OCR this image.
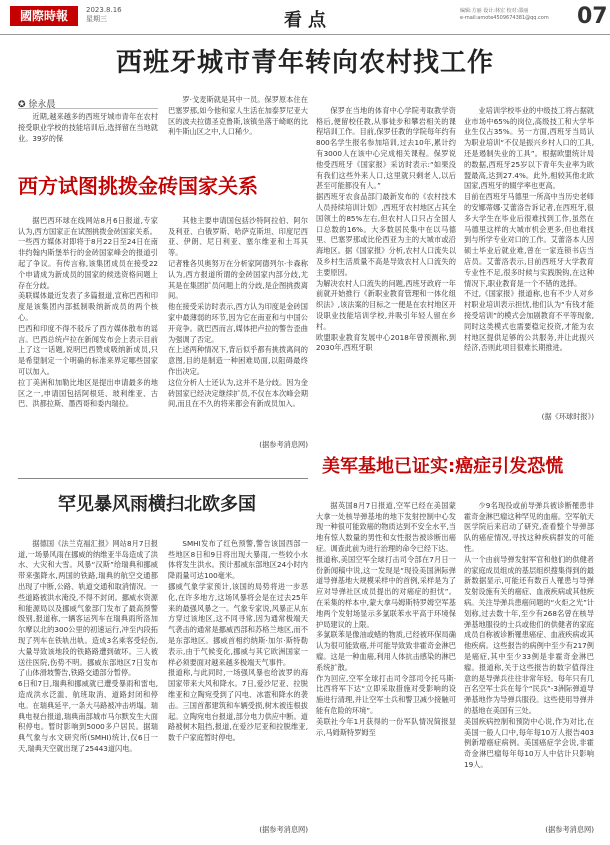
國際時報	2023.8.16
星期三	看点	编辑:方丽 设计:林宏 校对:邵丽
e-mail:amote4509674381@qq.com	07
西班牙城市青年转向农村找工作
✪ 徐永晨

近期,越来越多的西班牙城市青年在农村接受职业学校的技能培训后,选择留在当地就业。39岁的保

罗·戈麦斯就是其中一员。保罗原本住在巴塞罗那,如今他和家人生活在加泰罗尼亚大区的波夫拉德圣克鲁斯,该镇坐落于崎岖的比利牛斯山区之中,人口稀少。

保罗在当地的体育中心学院考取教学资格后,便留校任教,从事徒步和攀岩相关的课程培训工作。目前,保罗任教的学院每年约有800名学生报名参加培训,过去10年,累计约有3000人在该中心完成相关课程。保罗说他受西班牙《国家报》采访时表示:“如果没有我们这些外来人口,这里就只剩老人,以后甚至可能都没有人。”
据西班牙农食品部门最新发布的《农村技术人员持续培训计划》,西班牙农村地区占其全国领土的85%左右,但农村人口只占全国人口总数的16%。大多数居民集中在以马德里、巴塞罗那或比伦西亚为主的大城市或沿海地区。据《国家报》分析,农村人口流失以及乡村生活质量不高是导致农村人口流失的主要原因。
为解决农村人口流失的问题,西班牙政府一年前就开始推行《新职业教育管理和一体化组织法》,该法案的目标之一便是在农村地区开设职业技能培训学校,并吸引年轻人留在乡村。
欧盟职业教育发展中心2018年曾预测称,到2030年,西班牙职

业培训学校毕业的中级技工将占据就业市场中65%的岗位,高级技工和大学毕业生仅占35%。另一方面,西班牙当局认为职业培训“不仅是振兴乡村人口的工具,还是遏制失业的工具”。根据欧盟统计局的数据,西班牙25岁以下青年失业率为欧盟最高,达到27.4%。此外,相较其他北欧国家,西班牙的辍学率也更高。
目前在西班牙马德里一所高中当历史老师的安娜蒂娜·艾蕾洛告诉记者,在西班牙,很多大学生在毕业后很难找到工作,虽然在马德里这样的大城市机会更多,但也难找到与所学专业对口的工作。艾蕾洛本人因硕士毕业后就业难,曾在一家连锁书店当店员。艾蕾洛表示,目前西班牙大学教育专业性不足,很多时候与实践脱钩,在这种情况下,职业教育是一个不错的选择。
不过,《国家报》报道称,也有不少人对乡村职业培训表示担忧,他们认为“有钱才能接受培训”的模式会加剧教育不平等现象,同时这类模式也需要稳定投资,才能为农村地区提供足够的公共服务,并让此振兴经济,否则此项目很难长期推进。

(据《环球时报》)
西方试图挑拨金砖国家关系

据巴西环球在线网站8月6日报道,专家认为,西方国家正在试图挑拨金砖国家关系。
一些西方媒体对即将于8月22日至24日在南非约翰内斯堡举行的金砖国家峰会的报道引起了争议。有传言称,该集团成员在接受22个申请成为新成员的国家的候选资格问题上存在分歧。
美联媒体最近发表了多篇报道,宣称巴西和印度是该集团内部抵制吸纳新成员的两个核心。
巴西和印度不得不驳斥了西方媒体散布的谣言。巴西总统卢拉在新闻发布会上表示目前上了这一话题,说明巴西赞成吸纳新成员,只是希望制定一个明确的标准来界定哪些国家可以加入。
拉丁美洲和加勒比地区是提出申请最多的地区之一,申请国包括阿根廷、玻利维亚、古巴、洪都拉斯、墨西哥和委内瑞拉。

其他主要申请国包括沙特阿拉伯、阿尔及利亚、白俄罗斯、哈萨克斯坦、印度尼西亚、伊朗、尼日利亚、塞尔维亚和土耳其等。
记者雅各贝奥努万在分析家阿德列尔·卡森称认为,西方报道所谓的金砖国家内部分歧,尤其是在集团扩员问题上的分歧,是企图挑拨离间。
他在接受采访时表示,西方认为印度是金砖国家中最薄弱的环节,因为它在南亚和与中国公开竞争。就巴西而言,媒体把卢拉的警告歪曲为强调了否定。
在上述两种情况下,背后似乎都有挑拨离间的意图,目的是制造一种困难局面,以阻碍最终作出决定。
这位分析人士还认为,这并不是分歧。因为金砖国家已经决定继续扩员,不仅在本次峰会期间,而且在不久的将来都会有新成员加入。

(据参考消息网)
美军基地已证实:癌症引发恐慌

据英国8月7日报道,空军已经在美国蒙大拿一处核导弹基地的地下发射控制中心发现一种很可能致癌的物质达到不安全水平,当地有惊人数量的男性和女性报告被诊断出癌症。调查此前为进行治理的命令已经下达。
报道称,美国空军全球打击司令部在7月日一份新闻稿中说,这一发现是“现役美国洲际弹道导弹基地大规模采样中的首例,采样是为了应对导弹社区成员提出的对癌症的担忧”。在采集的样本中,蒙大拿马姆斯特罗姆空军基地两个发射场显示多氯联苯水平高于环境保护局建议的上限。
多氯联苯是像油或蜡的物质,已经被环保局确认为很可能致癌,并可能导致致非霍奇金淋巴瘤。这是一种血癌,利用人体抗击感染的淋巴系统扩散。
作为回应,空军全球打击司令部司令托马斯·比西将军下达“立即采取措施对受影响的设施进行清理,并让空军士兵和警卫减少接触可能有危险的环境”。
美联社今年1月获得的一份军队情况简报显示,马姆斯特罗姆至

少9名现役或前导弹兵被诊断罹患非霍奇金淋巴瘤这种罕见的血癌。空军航天医学院后来启动了研究,查看整个导弹部队的癌症情况,寻找这种疾病群发的可能性。
从一个由前导弹发射军官和他们的供健者的家庭成员组成的基层组织搜集得到的最新数据显示,可能还有数百人罹患与导弹发射设施有关的癌症、血液疾病或其他疾病。关注导弹兵患癌问题的“火炬之光”计划称,过去数十年,至少有268名曾在核导弹基地服役的士兵或他们的供健者的家庭成员自称被诊断罹患癌症、血液疾病或其他疾病。这些报告的病例中至少有217例是癌症,其中至少33例是非霍奇金淋巴瘤。报道称,关于这些报告的数字值得注意的是导弹兵往往非常年轻。每年只有几百名空军士兵在每个“民兵”-3洲际弹道导弹基地作为导弹兵服役。这些使用导弹并的基地在美国有三处。
美国疾病控制和预防中心说,作为对比,在美国一般人口中,每年每10万人报告403例新增癌症病例。美国癌症学会说,非霍奇金淋巴瘤每年每10万人中估计只影响19人。

(据参考消息网)
罕见暴风雨横扫北欧多国

据德国《法兰克福汇报》网站8月7日报道,一场暴风雨在挪威的纳维亚半岛造成了洪水、大灾和大雪。风暴“汉斯”给瑞典和挪威带来强降水,两国的铁路,瑞典的航空交通都出现了中断,公路、轨道交通和取消情况。一些道路被洪水淹没,不得不封闭。挪威水资源和能源局以及挪威气象部门发布了最高预警级别,报道称,一辆客运列车在瑞典雨所洛加尔摩以北的300公里的初速运行,冲至内段拓现了列车在铁轨出轨。造成3名乘客受轻伤,大量导致该地段的铁路路遭到破坏。三人被送往医院,伤势不明。挪威东部地区7日发布了山体滑坡警告,铁路交通部分暂停。
6日和7日,瑞典和挪威就已遭受暴雨和雷电,造成洪水泛滥、航班取消、道路封闭和停电。在瑞典延平,一条大马路被冲击坍塌。瑞典电视台报道,瑞典南部城市马尔默发生大面积停电。暂时影响到5000多户居民。据瑞典气象与水文研究所(SMHI)统计,仅6日一天,瑞典天空就出现了25443道闪电。

SMHI发布了红色预警,警告该国西部一些地区8日和9日将出现大暴雨,一些较小水体将发生洪水。预计那威东部地区24小时内降雨量可达100毫米。
挪威气象学家预计,该国的局势将进一步恶化,在许多地方,这场风暴将会是在过去25年来的最强风暴之一。气象专家说,风暴正从东方穿过该地区,这不同寻常,因为通常极端天气袭击的通常是挪威西部和苏格兰地区,而不是东部地区。挪威首相约纳斯·加尔·斯特勒表示,由于气候变化,挪威与其它欧洲国家一样必须要面对越来越多极端天气事件。
报道称,与此同时,一场强风暴也给波罗的海国家带来大风和降水。7日,爱沙尼亚、拉脱维亚和立陶宛受到了闪电、冰雹和降水的袭击。三国首都建筑和车辆受损,树木被连根拔起。立陶宛电台报道,部分电力供应中断。道路被树木阻挡,报道,在爱沙尼亚和拉脱维亚,数千户家庭暂时停电。

(据参考消息网)
